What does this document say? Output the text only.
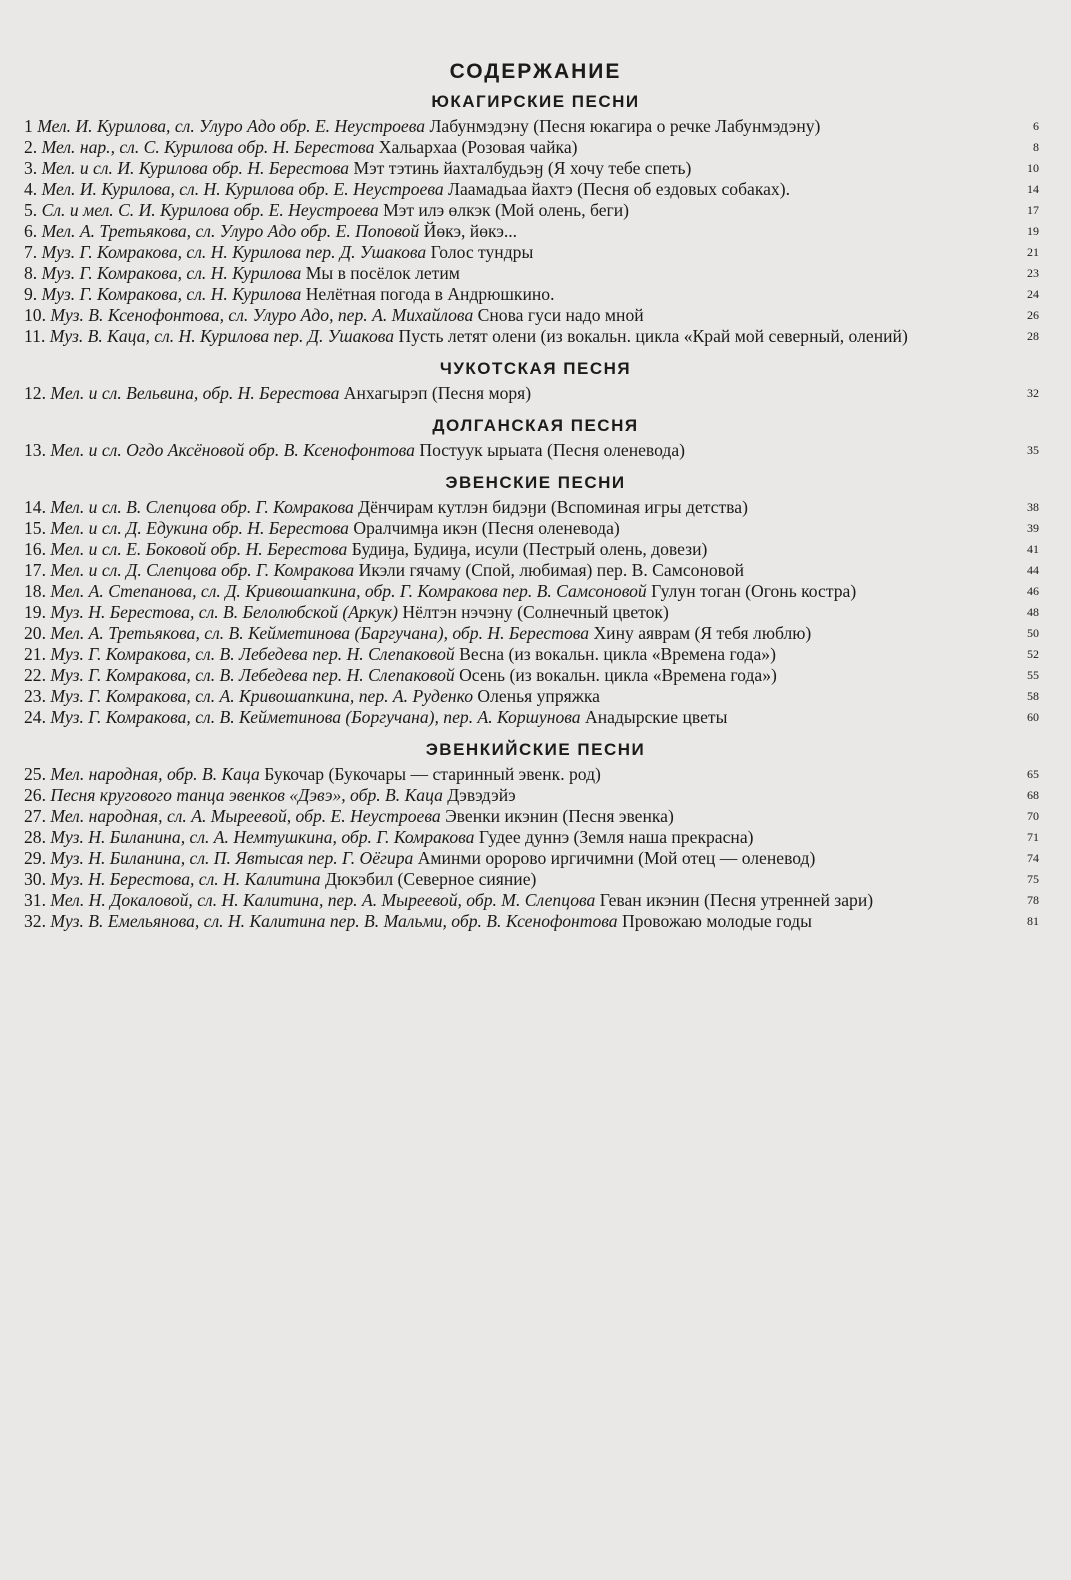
СОДЕРЖАНИЕ
ЮКАГИРСКИЕ ПЕСНИ
1 Мел. И. Курилова, сл. Улуро Адо обр. Е. Неустроева Лабунмэдэну (Песня юкагира о речке Лабунмэдэну)	6
2. Мел. нар., сл. С. Курилова обр. Н. Берестова Хальархаа (Розовая чайка)	8
3. Мел. и сл. И. Курилова обр. Н. Берестова Мэт тэтинь йахталбудьэӈ (Я хочу тебе спеть)	10
4. Мел. И. Курилова, сл. Н. Курилова обр. Е. Неустроева Лаамадьаа йахтэ (Песня об ездовых собаках).	14
5. Сл. и мел. С. И. Курилова обр. Е. Неустроева Мэт илэ өлкэк (Мой олень, беги)	17
6. Мел. А. Третьякова, сл. Улуро Адо обр. Е. Поповой Йөкэ, йөкэ...	19
7. Муз. Г. Комракова, сл. Н. Курилова пер. Д. Ушакова Голос тундры	21
8. Муз. Г. Комракова, сл. Н. Курилова Мы в посёлок летим	23
9. Муз. Г. Комракова, сл. Н. Курилова Нелётная погода в Андрюшкино.	24
10. Муз. В. Ксенофонтова, сл. Улуро Адо, пер. А. Михайлова Снова гуси надо мной	26
11. Муз. В. Каца, сл. Н. Курилова пер. Д. Ушакова Пусть летят олени (из вокальн. цикла «Край мой северный, олений)	28
ЧУКОТСКАЯ ПЕСНЯ
12. Мел. и сл. Вельвина, обр. Н. Берестова Анхагырэп (Песня моря)	32
ДОЛГАНСКАЯ ПЕСНЯ
13. Мел. и сл. Огдо Аксёновой обр. В. Ксенофонтова Постуук ырыата (Песня оленевода)	35
ЭВЕНСКИЕ ПЕСНИ
14. Мел. и сл. В. Слепцова обр. Г. Комракова Дёнчирам кутлэн бидэӈи (Вспоминая игры детства)	38
15. Мел. и сл. Д. Едукина обр. Н. Берестова Оралчимӈа икэн (Песня оленевода)	39
16. Мел. и сл. Е. Боковой обр. Н. Берестова Будиӈа, Будиӈа, исули (Пестрый олень, довези)	41
17. Мел. и сл. Д. Слепцова обр. Г. Комракова Икэли гячаму (Спой, любимая) пер. В. Самсоновой	44
18. Мел. А. Степанова, сл. Д. Кривошапкина, обр. Г. Комракова пер. В. Самсоновой Гулун тоган (Огонь костра)	46
19. Муз. Н. Берестова, сл. В. Белолюбской (Аркук) Нёлтэн нэчэну (Солнечный цветок)	48
20. Мел. А. Третьякова, сл. В. Кейметинова (Баргучана), обр. Н. Берестова Хину аяврам (Я тебя люблю)	50
21. Муз. Г. Комракова, сл. В. Лебедева пер. Н. Слепаковой Весна (из вокальн. цикла «Времена года»)	52
22. Муз. Г. Комракова, сл. В. Лебедева пер. Н. Слепаковой Осень (из вокальн. цикла «Времена года»)	55
23. Муз. Г. Комракова, сл. А. Кривошапкина, пер. А. Руденко Оленья упряжка	58
24. Муз. Г. Комракова, сл. В. Кейметинова (Боргучана), пер. А. Коршунова Анадырские цветы	60
ЭВЕНКИЙСКИЕ ПЕСНИ
25. Мел. народная, обр. В. Каца Букочар (Букочары — старинный эвенк. род)	65
26. Песня кругового танца эвенков «Дэвэ», обр. В. Каца Дэвэдэйэ	68
27. Мел. народная, сл. А. Мыреевой, обр. Е. Неустроева Эвенки икэнин (Песня эвенка)	70
28. Муз. Н. Биланина, сл. А. Немтушкина, обр. Г. Комракова Гудее дуннэ (Земля наша прекрасна)	71
29. Муз. Н. Биланина, сл. П. Явтысая пер. Г. Оёгира Аминми оророво иргичимни (Мой отец — оленевод)	74
30. Муз. Н. Берестова, сл. Н. Калитина Дюкэбил (Северное сияние)	75
31. Мел. Н. Докаловой, сл. Н. Калитина, пер. А. Мыреевой, обр. М. Слепцова Геван икэнин (Песня утренней зари)	78
32. Муз. В. Емельянова, сл. Н. Калитина пер. В. Мальми, обр. В. Ксенофонтова Провожаю молодые годы	81
